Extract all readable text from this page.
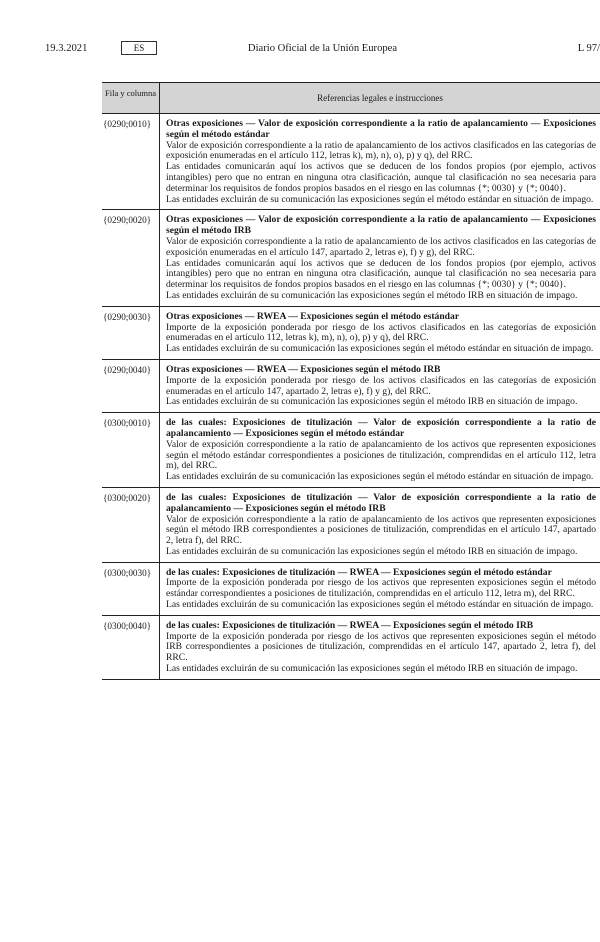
19.3.2021	ES	Diario Oficial de la Unión Europea	L 97/
Fila y columna	Referencias legales e instrucciones
{0290;0010}	Otras exposiciones — Valor de exposición correspondiente a la ratio de apalancamiento — Exposiciones según el método estándar
Valor de exposición correspondiente a la ratio de apalancamiento de los activos clasificados en las categorías de exposición enumeradas en el artículo 112, letras k), m), n), o), p) y q), del RRC.
Las entidades comunicarán aquí los activos que se deducen de los fondos propios (por ejemplo, activos intangibles) pero que no entran en ninguna otra clasificación, aunque tal clasificación no sea necesaria para determinar los requisitos de fondos propios basados en el riesgo en las columnas {*; 0030} y {*; 0040}.
Las entidades excluirán de su comunicación las exposiciones según el método estándar en situación de impago.
{0290;0020}	Otras exposiciones — Valor de exposición correspondiente a la ratio de apalancamiento — Exposiciones según el método IRB
Valor de exposición correspondiente a la ratio de apalancamiento de los activos clasificados en las categorías de exposición enumeradas en el artículo 147, apartado 2, letras e), f) y g), del RRC.
Las entidades comunicarán aquí los activos que se deducen de los fondos propios (por ejemplo, activos intangibles) pero que no entran en ninguna otra clasificación, aunque tal clasificación no sea necesaria para determinar los requisitos de fondos propios basados en el riesgo en las columnas {*; 0030} y {*; 0040}.
Las entidades excluirán de su comunicación las exposiciones según el método IRB en situación de impago.
{0290;0030}	Otras exposiciones — RWEA — Exposiciones según el método estándar
Importe de la exposición ponderada por riesgo de los activos clasificados en las categorías de exposición enumeradas en el artículo 112, letras k), m), n), o), p) y q), del RRC.
Las entidades excluirán de su comunicación las exposiciones según el método estándar en situación de impago.
{0290;0040}	Otras exposiciones — RWEA — Exposiciones según el método IRB
Importe de la exposición ponderada por riesgo de los activos clasificados en las categorías de exposición enumeradas en el artículo 147, apartado 2, letras e), f) y g), del RRC.
Las entidades excluirán de su comunicación las exposiciones según el método IRB en situación de impago.
{0300;0010}	de las cuales: Exposiciones de titulización — Valor de exposición correspondiente a la ratio de apalancamiento — Exposiciones según el método estándar
Valor de exposición correspondiente a la ratio de apalancamiento de los activos que representen exposiciones según el método estándar correspondientes a posiciones de titulización, comprendidas en el artículo 112, letra m), del RRC.
Las entidades excluirán de su comunicación las exposiciones según el método estándar en situación de impago.
{0300;0020}	de las cuales: Exposiciones de titulización — Valor de exposición correspondiente a la ratio de apalancamiento — Exposiciones según el método IRB
Valor de exposición correspondiente a la ratio de apalancamiento de los activos que representen exposiciones según el método IRB correspondientes a posiciones de titulización, comprendidas en el artículo 147, apartado 2, letra f), del RRC.
Las entidades excluirán de su comunicación las exposiciones según el método IRB en situación de impago.
{0300;0030}	de las cuales: Exposiciones de titulización — RWEA — Exposiciones según el método estándar
Importe de la exposición ponderada por riesgo de los activos que representen exposiciones según el método estándar correspondientes a posiciones de titulización, comprendidas en el artículo 112, letra m), del RRC.
Las entidades excluirán de su comunicación las exposiciones según el método estándar en situación de impago.
{0300;0040}	de las cuales: Exposiciones de titulización — RWEA — Exposiciones según el método IRB
Importe de la exposición ponderada por riesgo de los activos que representen exposiciones según el método IRB correspondientes a posiciones de titulización, comprendidas en el artículo 147, apartado 2, letra f), del RRC.
Las entidades excluirán de su comunicación las exposiciones según el método IRB en situación de impago.
